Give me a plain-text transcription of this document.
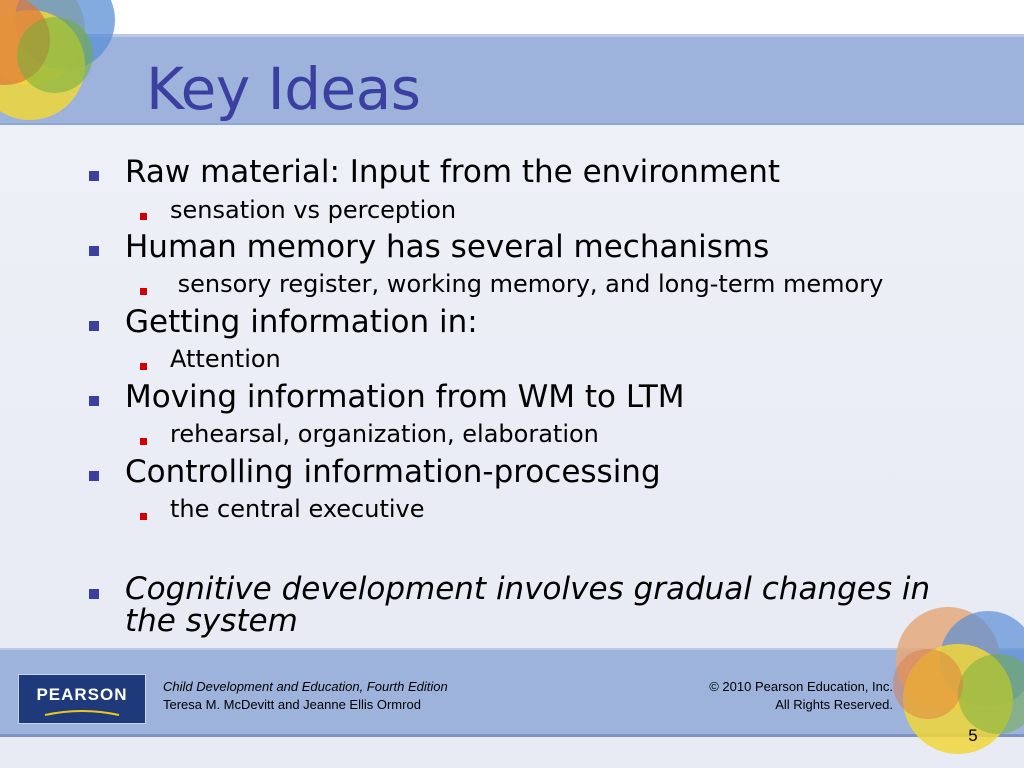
Key Ideas

Raw material: Input from the environment

sensation vs perception

Human memory has several mechanisms

sensory register, working memory, and long-term memory

Getting information in:

Attention

Moving information from WM to LTM

rehearsal, organization, elaboration

Controlling information-processing

the central executive

Cognitive development involves gradual changes in the system

PEARSON	Child Development and Education, Fourth Edition
Teresa M. McDevitt and Jeanne Ellis Ormrod
© 2010 Pearson Education, Inc.
All Rights Reserved.
5
